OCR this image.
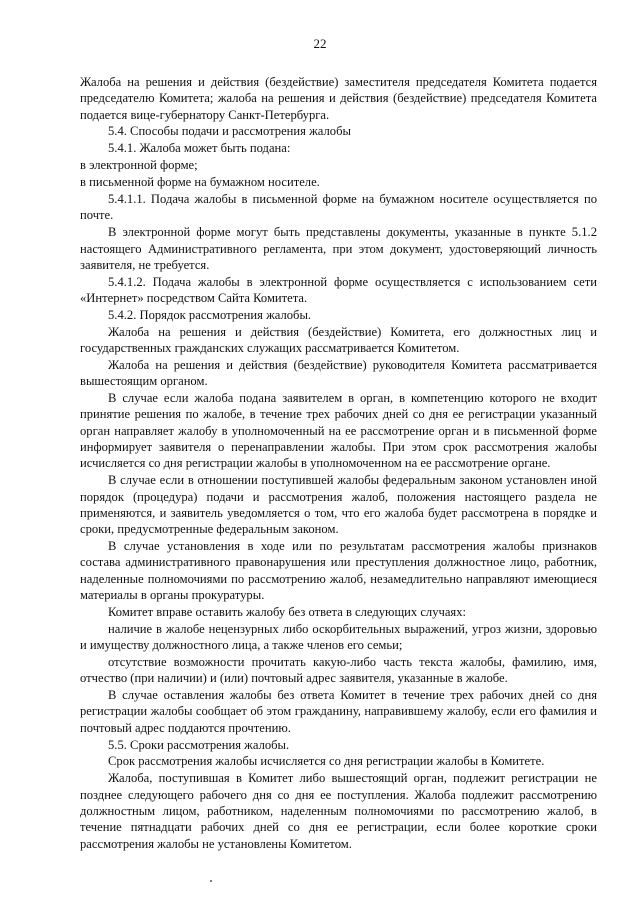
22

Жалоба на решения и действия (бездействие) заместителя председателя Комитета подается председателю Комитета; жалоба на решения и действия (бездействие) председателя Комитета подается вице-губернатору Санкт-Петербурга.

5.4. Способы подачи и рассмотрения жалобы

5.4.1. Жалоба может быть подана:

в электронной форме;

в письменной форме на бумажном носителе.

5.4.1.1. Подача жалобы в письменной форме на бумажном носителе осуществляется по почте.

В электронной форме могут быть представлены документы, указанные в пункте 5.1.2 настоящего Административного регламента, при этом документ, удостоверяющий личность заявителя, не требуется.

5.4.1.2. Подача жалобы в электронной форме осуществляется с использованием сети «Интернет» посредством Сайта Комитета.

5.4.2. Порядок рассмотрения жалобы.

Жалоба на решения и действия (бездействие) Комитета, его должностных лиц и государственных гражданских служащих рассматривается Комитетом.

Жалоба на решения и действия (бездействие) руководителя Комитета рассматривается вышестоящим органом.

В случае если жалоба подана заявителем в орган, в компетенцию которого не входит принятие решения по жалобе, в течение трех рабочих дней со дня ее регистрации указанный орган направляет жалобу в уполномоченный на ее рассмотрение орган и в письменной форме информирует заявителя о перенаправлении жалобы. При этом срок рассмотрения жалобы исчисляется со дня регистрации жалобы в уполномоченном на ее рассмотрение органе.

В случае если в отношении поступившей жалобы федеральным законом установлен иной порядок (процедура) подачи и рассмотрения жалоб, положения настоящего раздела не применяются, и заявитель уведомляется о том, что его жалоба будет рассмотрена в порядке и сроки, предусмотренные федеральным законом.

В случае установления в ходе или по результатам рассмотрения жалобы признаков состава административного правонарушения или преступления должностное лицо, работник, наделенные полномочиями по рассмотрению жалоб, незамедлительно направляют имеющиеся материалы в органы прокуратуры.

Комитет вправе оставить жалобу без ответа в следующих случаях:

наличие в жалобе нецензурных либо оскорбительных выражений, угроз жизни, здоровью и имуществу должностного лица, а также членов его семьи;

отсутствие возможности прочитать какую-либо часть текста жалобы, фамилию, имя, отчество (при наличии) и (или) почтовый адрес заявителя, указанные в жалобе.

В случае оставления жалобы без ответа Комитет в течение трех рабочих дней со дня регистрации жалобы сообщает об этом гражданину, направившему жалобу, если его фамилия и почтовый адрес поддаются прочтению.

5.5. Сроки рассмотрения жалобы.

Срок рассмотрения жалобы исчисляется со дня регистрации жалобы в Комитете.

Жалоба, поступившая в Комитет либо вышестоящий орган, подлежит регистрации не позднее следующего рабочего дня со дня ее поступления. Жалоба подлежит рассмотрению должностным лицом, работником, наделенным полномочиями по рассмотрению жалоб, в течение пятнадцати рабочих дней со дня ее регистрации, если более короткие сроки рассмотрения жалобы не установлены Комитетом.
